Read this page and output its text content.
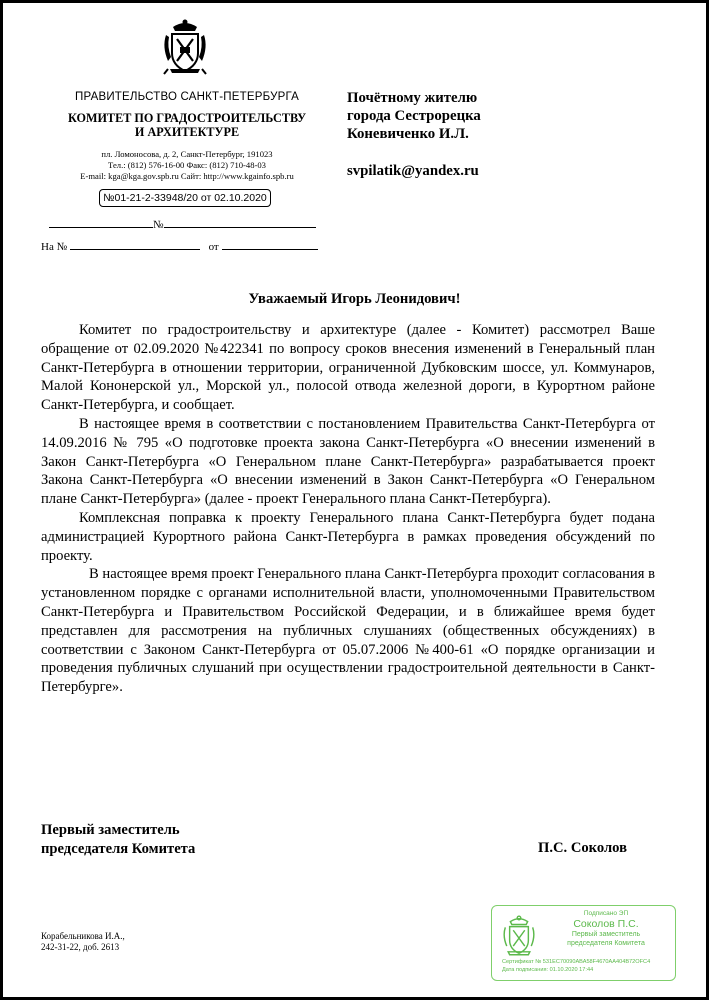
ПРАВИТЕЛЬСТВО САНКТ-ПЕТЕРБУРГА
КОМИТЕТ ПО ГРАДОСТРОИТЕЛЬСТВУ
И АРХИТЕКТУРЕ
пл. Ломоносова, д. 2, Санкт-Петербург, 191023
Тел.: (812) 576-16-00 Факс: (812) 710-48-03
E-mail: kga@kga.gov.spb.ru Сайт: http://www.kgainfo.spb.ru
№01-21-2-33948/20 от 02.10.2020
№
На №	от
Почётному жителю
города Сестрорецка
Коневиченко И.Л.
svpilatik@yandex.ru
Уважаемый Игорь Леонидович!

Комитет по градостроительству и архитектуре (далее - Комитет) рассмотрел Ваше обращение от 02.09.2020 №422341 по вопросу сроков внесения изменений в Генеральный план Санкт-Петербурга в отношении территории, ограниченной Дубковским шоссе, ул. Коммунаров, Малой Кононерской ул., Морской ул., полосой отвода железной дороги, в Курортном районе Санкт-Петербурга, и сообщает.

В настоящее время в соответствии с постановлением Правительства Санкт-Петербурга от 14.09.2016 № 795 «О подготовке проекта закона Санкт-Петербурга «О внесении изменений в Закон Санкт-Петербурга «О Генеральном плане Санкт-Петербурга» разрабатывается проект Закона Санкт-Петербурга «О внесении изменений в Закон Санкт-Петербурга «О Генеральном плане Санкт-Петербурга» (далее - проект Генерального плана Санкт-Петербурга).

Комплексная поправка к проекту Генерального плана Санкт-Петербурга будет подана администрацией Курортного района Санкт-Петербурга в рамках проведения обсуждений по проекту.

В настоящее время проект Генерального плана Санкт-Петербурга проходит согласования в установленном порядке с органами исполнительной власти, уполномоченными Правительством Санкт-Петербурга и Правительством Российской Федерации, и в ближайшее время будет представлен для рассмотрения на публичных слушаниях (общественных обсуждениях) в соответствии с Законом Санкт-Петербурга от 05.07.2006 №400-61 «О порядке организации и проведения публичных слушаний при осуществлении градостроительной деятельности в Санкт-Петербурге».

Первый заместитель
председателя Комитета	П.С. Соколов
Корабельникова И.А.,
242-31-22, доб. 2613
Подписано ЭП
Соколов П.С.
Первый заместитель
председателя Комитета
Сертификат № 531ЕС70090АВА58F4670АА404В72ОFС4
Дата подписания: 01.10.2020 17:44
